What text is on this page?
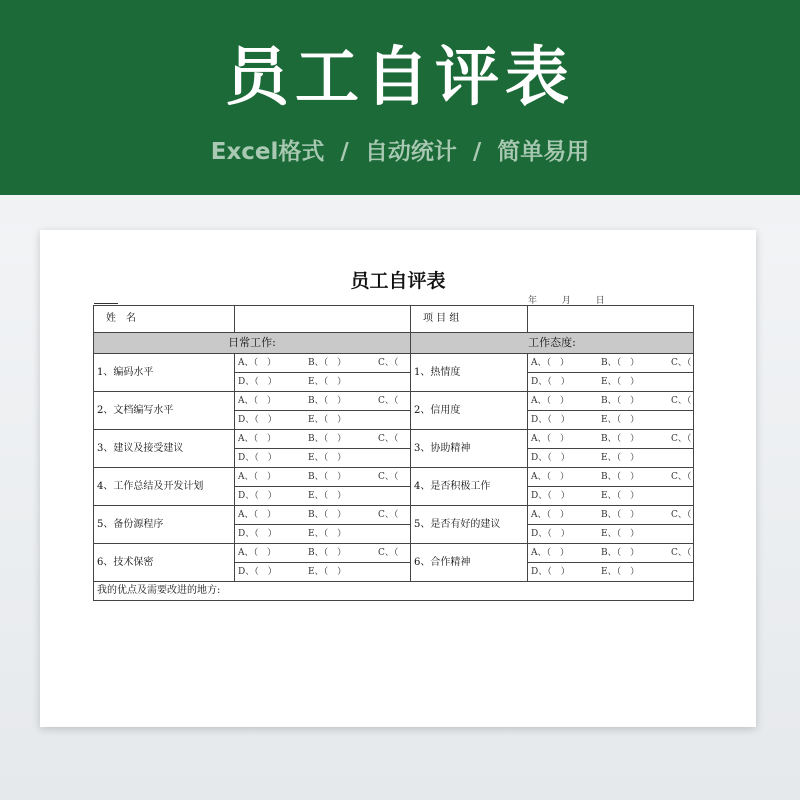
员工自评表
Excel格式 / 自动统计 / 简单易用
员工自评表
年 月 日
姓　名		项 目 组	
日常工作:		工作态度:	
1、编码水平	A、（　） B、（　） C、（	1、热情度	A、（　） B、（　） C、（
	D、（　） E、（　）		D、（　） E、（　）
2、文档编写水平	A、（　） B、（　） C、（	2、信用度	A、（　） B、（　） C、（
	D、（　） E、（　）		D、（　） E、（　）
3、建议及接受建议	A、（　） B、（　） C、（	3、协助精神	A、（　） B、（　） C、（
	D、（　） E、（　）		D、（　） E、（　）
4、工作总结及开发计划	A、（　） B、（　） C、（	4、是否积极工作	A、（　） B、（　） C、（
	D、（　） E、（　）		D、（　） E、（　）
5、备份源程序	A、（　） B、（　） C、（	5、是否有好的建议	A、（　） B、（　） C、（
	D、（　） E、（　）		D、（　） E、（　）
6、技术保密	A、（　） B、（　） C、（	6、合作精神	A、（　） B、（　） C、（
	D、（　） E、（　）		D、（　） E、（　）
我的优点及需要改进的地方:			
